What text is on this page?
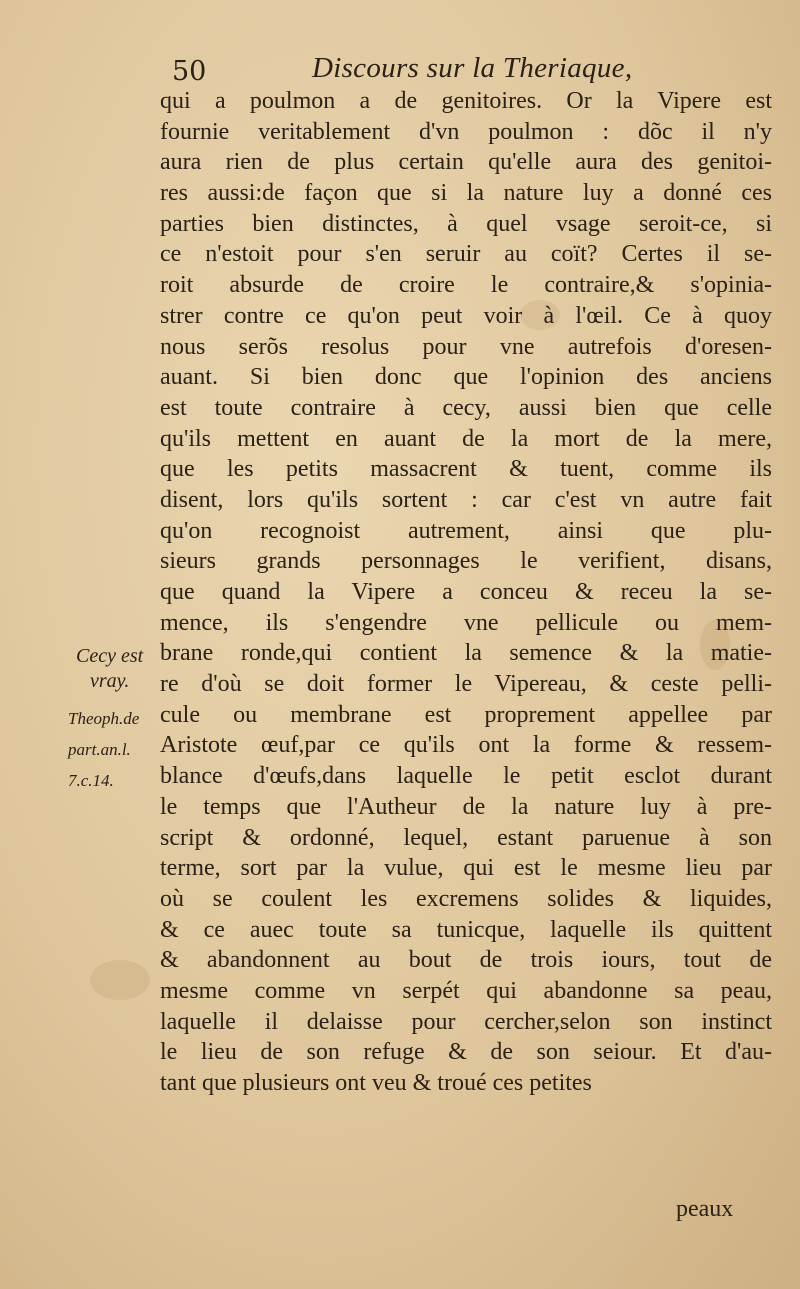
50	Discours sur la Theriaque,
qui a poulmon a de genitoires. Or la Vipere est
fournie veritablement d'vn poulmon : dõc il n'y
aura rien de plus certain qu'elle aura des genitoi-
res aussi:de façon que si la nature luy a donné ces
parties bien distinctes, à quel vsage seroit-ce, si
ce n'estoit pour s'en seruir au coït? Certes il se-
roit absurde de croire le contraire,& s'opinia-
strer contre ce qu'on peut voir à l'œil. Ce à quoy
nous serõs resolus pour vne autrefois d'oresen-
auant. Si bien donc que l'opinion des anciens
est toute contraire à cecy, aussi bien que celle
qu'ils mettent en auant de la mort de la mere,
que les petits massacrent & tuent, comme ils
disent, lors qu'ils sortent : car c'est vn autre fait
qu'on recognoist autrement, ainsi que plu-
sieurs grands personnages le verifient, disans,
que quand la Vipere a conceu & receu la se-
mence, ils s'engendre vne pellicule ou mem-
brane ronde,qui contient la semence & la matie-
re d'où se doit former le Vipereau, & ceste pelli-
cule ou membrane est proprement appellee par
Aristote œuf,par ce qu'ils ont la forme & ressem-
blance d'œufs,dans laquelle le petit esclot durant
le temps que l'Autheur de la nature luy à pre-
script & ordonné, lequel, estant paruenue à son
terme, sort par la vulue, qui est le mesme lieu par
où se coulent les excremens solides & liquides,
& ce auec toute sa tunicque, laquelle ils quittent
& abandonnent au bout de trois iours, tout de
mesme comme vn serpét qui abandonne sa peau,
laquelle il delaisse pour cercher,selon son instinct
le lieu de son refuge & de son seiour. Et d'au-
tant que plusieurs ont veu & troué ces petites
peaux
Cecy est
vray.
Theoph.de
part.an.l.
7.c.14.
